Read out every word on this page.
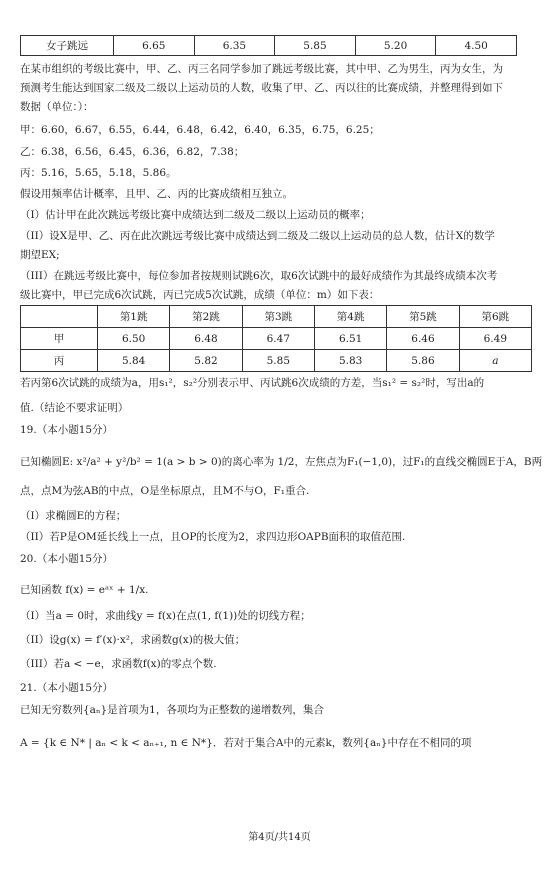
女子跳远	6.65	6.35	5.85	5.20	4.50
在某市组织的考级比赛中，甲、乙、丙三名同学参加了跳远考级比赛，其中甲、乙为男生，丙为女生，为
预测考生能达到国家二级及二级以上运动员的人数，收集了甲、乙、丙以往的比赛成绩，并整理得到如下
数据（单位：）：
甲：6.60，6.67，6.55，6.44，6.48，6.42，6.40，6.35，6.75，6.25；
乙：6.38，6.56，6.45，6.36，6.82，7.38；
丙：5.16，5.65，5.18，5.86。
假设用频率估计概率，且甲、乙、丙的比赛成绩相互独立。
（I）估计甲在此次跳远考级比赛中成绩达到二级及二级以上运动员的概率；
（II）设X是甲、乙、丙在此次跳远考级比赛中成绩达到二级及二级以上运动员的总人数，估计X的数学
期望EX;
（III）在跳远考级比赛中，每位参加者按规则试跳6次，取6次试跳中的最好成绩作为其最终成绩本次考
级比赛中，甲已完成6次试跳，丙已完成5次试跳，成绩（单位：m）如下表：
	第1跳	第2跳	第3跳	第4跳	第5跳	第6跳
甲	6.50	6.48	6.47	6.51	6.46	6.49
丙	5.84	5.82	5.85	5.83	5.86	a
若丙第6次试跳的成绩为a，用s₁²，s₂²分别表示甲、丙试跳6次成绩的方差，当s₁² = s₂²时，写出a的
值.（结论不要求证明）
19.（本小题15分）
已知椭圆E: x²/a² + y²/b² = 1(a > b > 0)的离心率为 1/2，左焦点为F₁(−1,0)，过F₁的直线交椭圆E于A，B两
点，点M为弦AB的中点，O是坐标原点，且M不与O，F₁重合.
（I）求椭圆E的方程；
（II）若P是OM延长线上一点，且OP的长度为2，求四边形OAPB面积的取值范围.
20.（本小题15分）
已知函数 f(x) = eᵃˣ + 1/x.
（I）当a = 0时，求曲线y = f(x)在点(1, f(1))处的切线方程；
（II）设g(x) = f′(x)·x²，求函数g(x)的极大值；
（III）若a < −e，求函数f(x)的零点个数.
21.（本小题15分）
已知无穷数列{aₙ}是首项为1，各项均为正整数的递增数列，集合
A = {k ∈ N* | aₙ < k < aₙ₊₁, n ∈ N*}．若对于集合A中的元素k，数列{aₙ}中存在不相同的项
第4页/共14页
